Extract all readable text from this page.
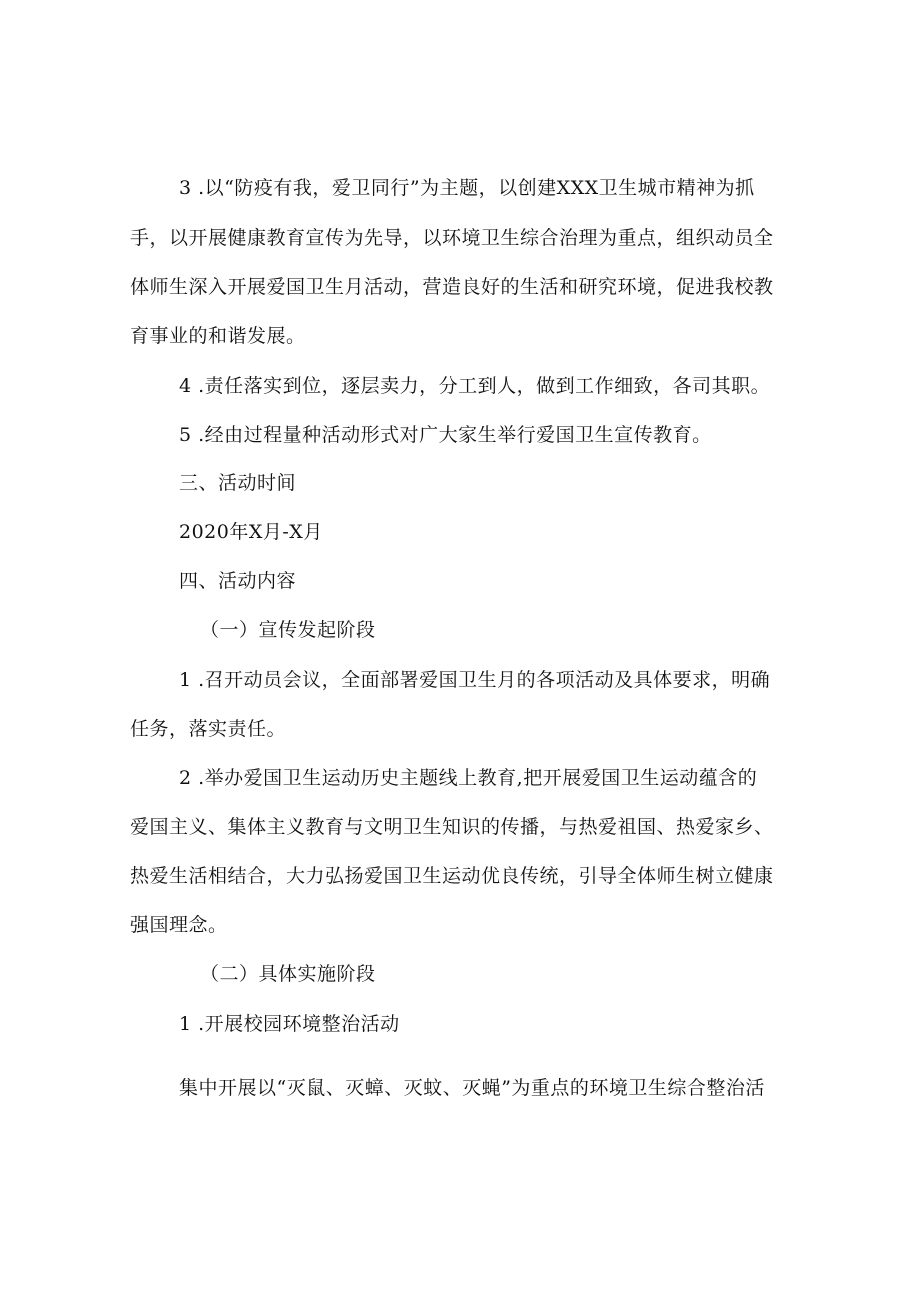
3 .以“防疫有我，爱卫同行”为主题，以创建XXX卫生城市精神为抓
手，以开展健康教育宣传为先导，以环境卫生综合治理为重点，组织动员全
体师生深入开展爱国卫生月活动，营造良好的生活和研究环境，促进我校教
育事业的和谐发展。
4 .责任落实到位，逐层卖力，分工到人，做到工作细致，各司其职。
5 .经由过程量种活动形式对广大家生举行爱国卫生宣传教育。
三、活动时间
2020年X月-X月
四、活动内容
（一）宣传发起阶段
1 .召开动员会议，全面部署爱国卫生月的各项活动及具体要求，明确
任务，落实责任。
2 .举办爱国卫生运动历史主题线上教育,把开展爱国卫生运动蕴含的
爱国主义、集体主义教育与文明卫生知识的传播，与热爱祖国、热爱家乡、
热爱生活相结合，大力弘扬爱国卫生运动优良传统，引导全体师生树立健康
强国理念。
（二）具体实施阶段
1 .开展校园环境整治活动
集中开展以“灭鼠、灭蟑、灭蚊、灭蝇”为重点的环境卫生综合整治活
